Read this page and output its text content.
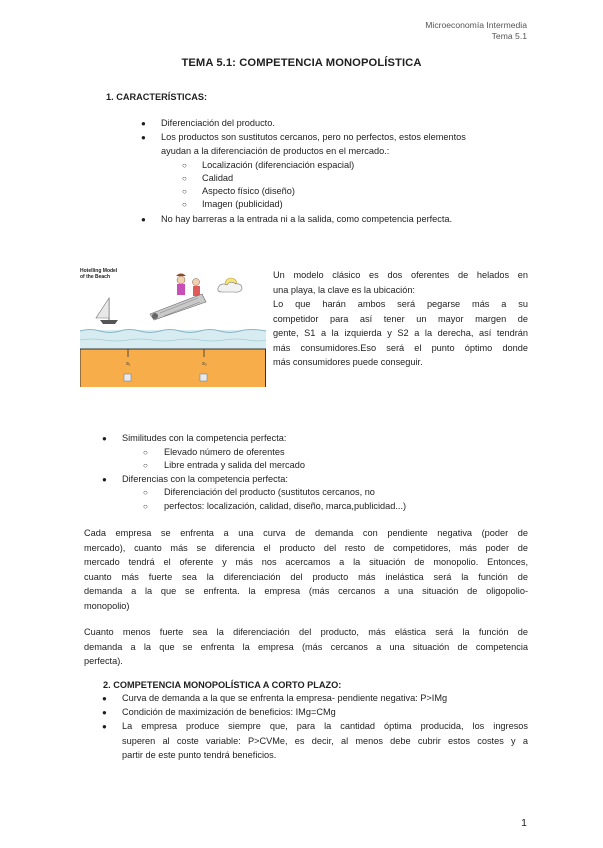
Microeconomía Intermedia
Tema 5.1
TEMA 5.1: COMPETENCIA MONOPOLÍSTICA
1. CARACTERÍSTICAS:
● Diferenciación del producto.
● Los productos son sustitutos cercanos, pero no perfectos, estos elementos
ayudan a la diferenciación de productos en el mercado.:
○ Localización (diferenciación espacial)
○ Calidad
○ Aspecto físico (diseño)
○ Imagen (publicidad)
● No hay barreras a la entrada ni a la salida, como competencia perfecta.
Hotelling Model
of the Beach
S₁	S₂
Un modelo clásico es dos oferentes de helados en
una playa, la clave es la ubicación:
Lo que harán ambos será pegarse más a su
competidor para así tener un mayor margen de
gente, S1 a la izquierda y S2 a la derecha, así tendrán
más consumidores.Eso será el punto óptimo donde
más consumidores puede conseguir.
● Similitudes con la competencia perfecta:
○ Elevado número de oferentes
○ Libre entrada y salida del mercado
● Diferencias con la competencia perfecta:
○ Diferenciación del producto (sustitutos cercanos, no
○ perfectos: localización, calidad, diseño, marca,publicidad...)
Cada empresa se enfrenta a una curva de demanda con pendiente negativa (poder de
mercado), cuanto más se diferencia el producto del resto de competidores, más poder de
mercado tendrá el oferente y más nos acercamos a la situación de monopolio. Entonces,
cuanto más fuerte sea la diferenciación del producto más inelástica será la función de
demanda a la que se enfrenta. la empresa (más cercanos a una situación de oligopolio-
monopolio)
Cuanto menos fuerte sea la diferenciación del producto, más elástica será la función de
demanda a la que se enfrenta la empresa (más cercanos a una situación de competencia
perfecta).
2. COMPETENCIA MONOPOLÍSTICA A CORTO PLAZO:
● Curva de demanda a la que se enfrenta la empresa- pendiente negativa: P>IMg
● Condición de maximización de beneficios: IMg=CMg
● La empresa produce siempre que, para la cantidad óptima producida, los ingresos
superen al coste variable: P>CVMe, es decir, al menos debe cubrir estos costes y a
partir de este punto tendrá beneficios.
1
